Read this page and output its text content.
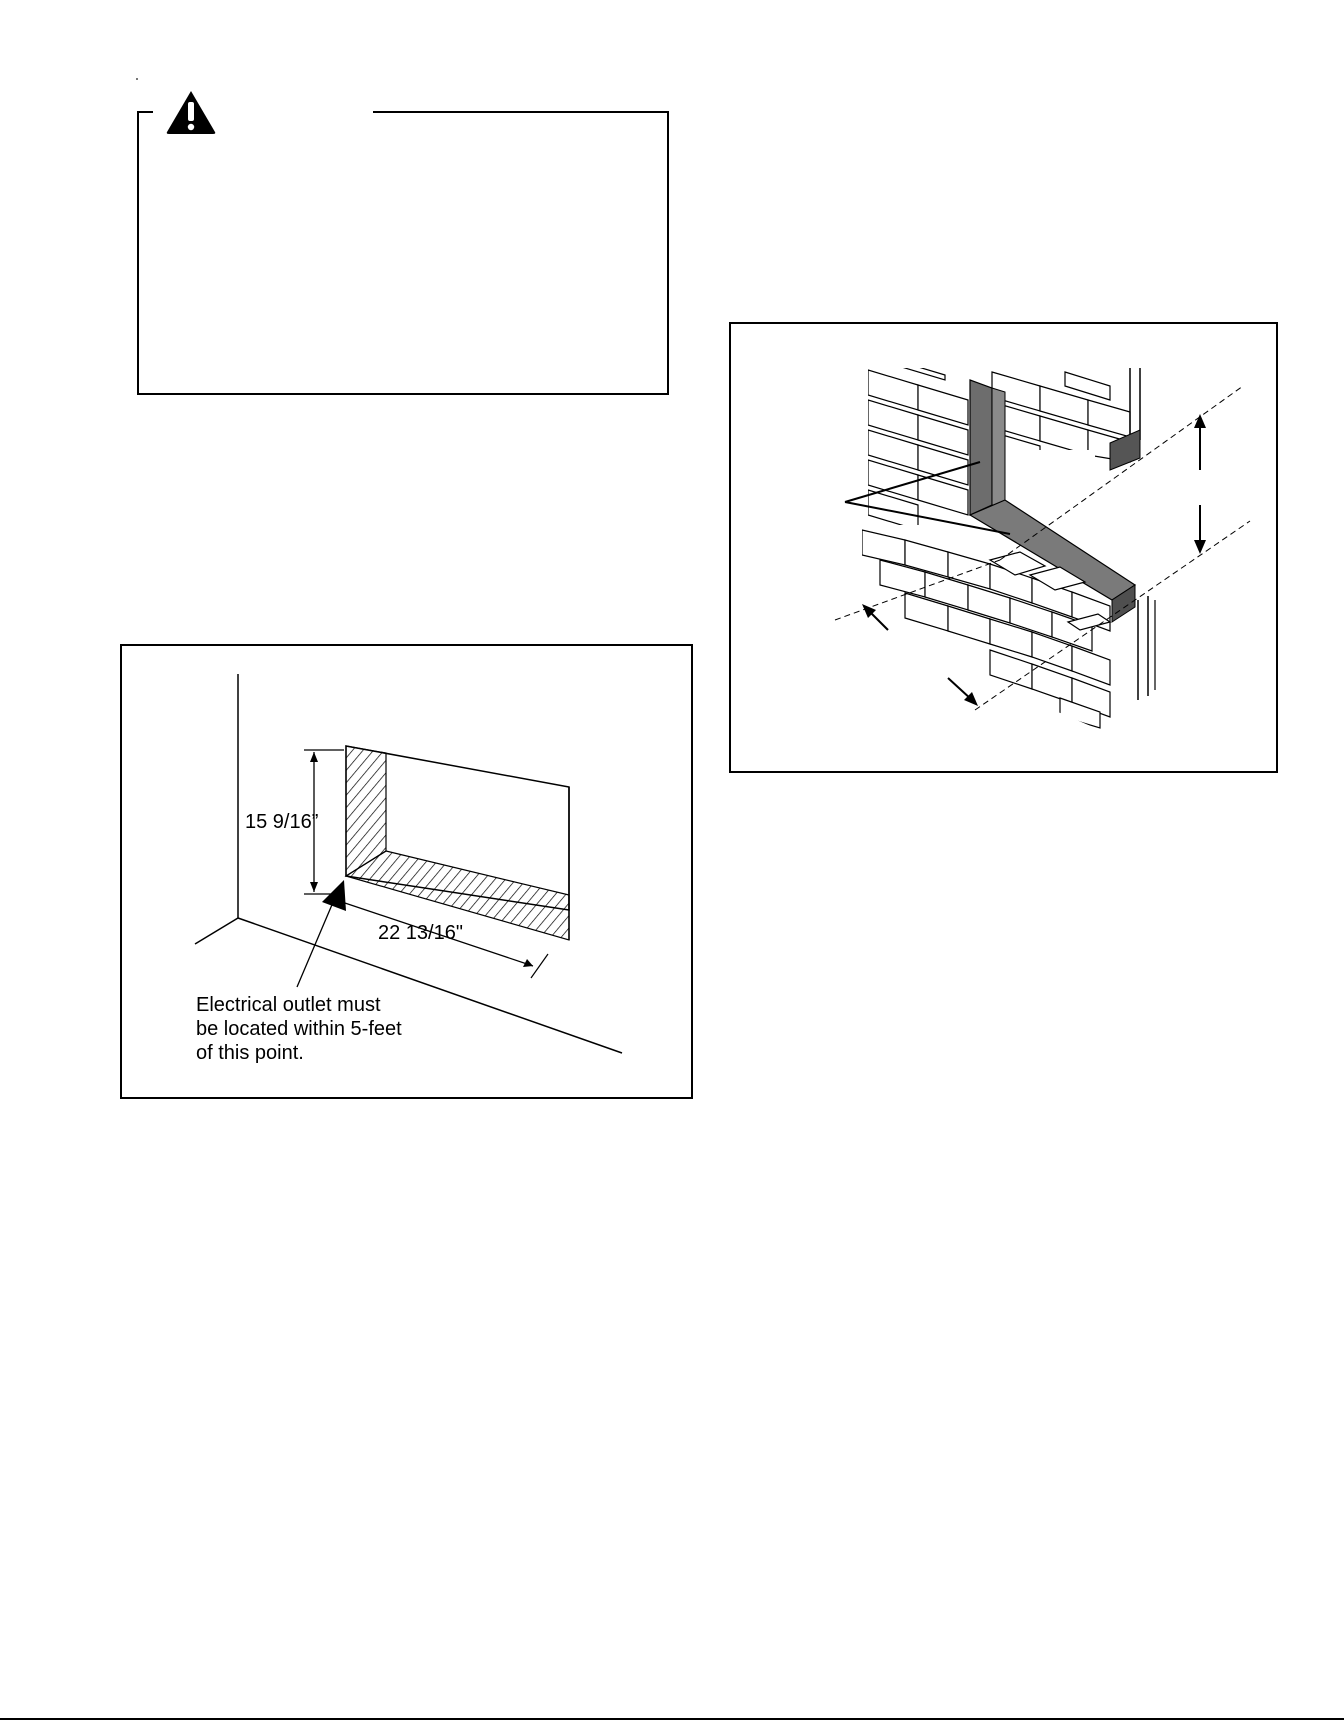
15 9/16”
22 13/16"
Electrical outlet must
be located within 5-feet
of this point.
